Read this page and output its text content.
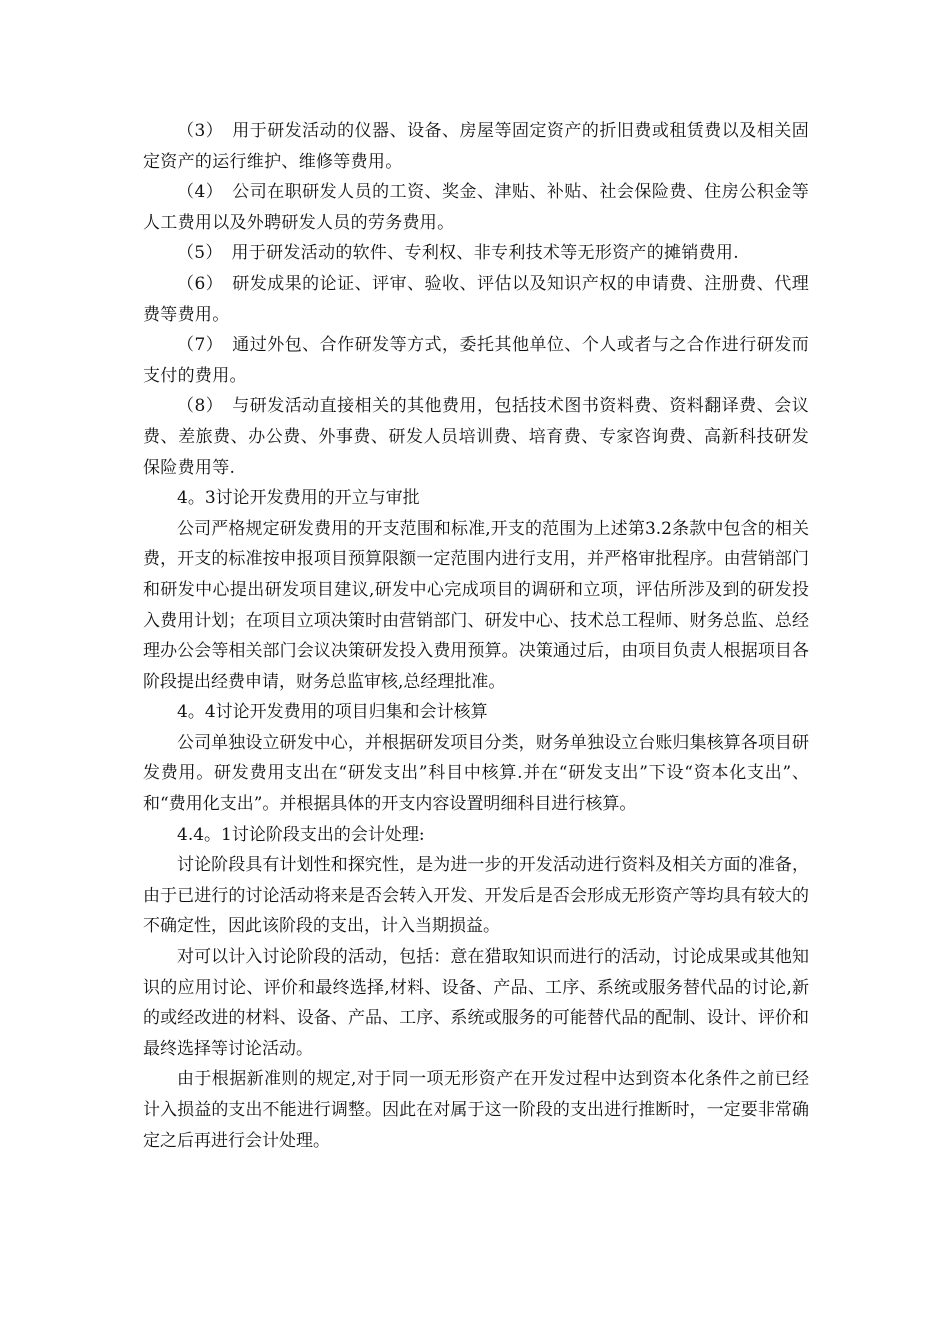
（3）　用于研发活动的仪器、设备、房屋等固定资产的折旧费或租赁费以及相关固定资产的运行维护、维修等费用。

（4）　公司在职研发人员的工资、奖金、津贴、补贴、社会保险费、住房公积金等人工费用以及外聘研发人员的劳务费用。

（5）　用于研发活动的软件、专利权、非专利技术等无形资产的摊销费用.

（6）　研发成果的论证、评审、验收、评估以及知识产权的申请费、注册费、代理费等费用。

（7）　通过外包、合作研发等方式，委托其他单位、个人或者与之合作进行研发而支付的费用。

（8）　与研发活动直接相关的其他费用，包括技术图书资料费、资料翻译费、会议费、差旅费、办公费、外事费、研发人员培训费、培育费、专家咨询费、高新科技研发保险费用等.

4。3讨论开发费用的开立与审批

公司严格规定研发费用的开支范围和标准,开支的范围为上述第3.2条款中包含的相关费，开支的标准按申报项目预算限额一定范围内进行支用，并严格审批程序。由营销部门和研发中心提出研发项目建议,研发中心完成项目的调研和立项，评估所涉及到的研发投入费用计划；在项目立项决策时由营销部门、研发中心、技术总工程师、财务总监、总经理办公会等相关部门会议决策研发投入费用预算。决策通过后，由项目负责人根据项目各阶段提出经费申请，财务总监审核,总经理批准。

4。4讨论开发费用的项目归集和会计核算

公司单独设立研发中心，并根据研发项目分类，财务单独设立台账归集核算各项目研发费用。研发费用支出在“研发支出”科目中核算.并在“研发支出”下设“资本化支出”、和“费用化支出”。并根据具体的开支内容设置明细科目进行核算。

4.4。1讨论阶段支出的会计处理:

讨论阶段具有计划性和探究性，是为进一步的开发活动进行资料及相关方面的准备，由于已进行的讨论活动将来是否会转入开发、开发后是否会形成无形资产等均具有较大的不确定性，因此该阶段的支出，计入当期损益。

对可以计入讨论阶段的活动，包括：意在猎取知识而进行的活动，讨论成果或其他知识的应用讨论、评价和最终选择,材料、设备、产品、工序、系统或服务替代品的讨论,新的或经改进的材料、设备、产品、工序、系统或服务的可能替代品的配制、设计、评价和最终选择等讨论活动。

由于根据新准则的规定,对于同一项无形资产在开发过程中达到资本化条件之前已经计入损益的支出不能进行调整。因此在对属于这一阶段的支出进行推断时，一定要非常确定之后再进行会计处理。
